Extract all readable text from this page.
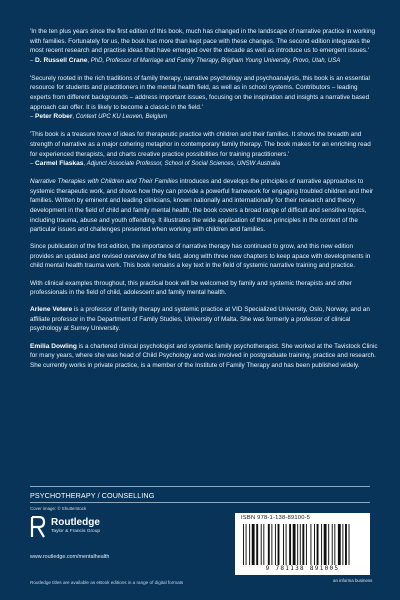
'In the ten plus years since the first edition of this book, much has changed in the landscape of narrative practice in working with families. Fortunately for us, the book has more than kept pace with these changes. The second edition integrates the most recent research and practise ideas that have emerged over the decade as well as introduce us to emergent issues.'
– D. Russell Crane, PhD, Professor of Marriage and Family Therapy, Brigham Young University, Provo, Utah, USA
'Securely rooted in the rich traditions of family therapy, narrative psychology and psychoanalysis, this book is an essential resource for students and practitioners in the mental health field, as well as in school systems. Contributors – leading experts from different backgrounds – address important issues, focusing on the inspiration and insights a narrative based approach can offer. It is likely to become a classic in the field.'
– Peter Rober, Context UPC KU Leuven, Belgium
'This book is a treasure trove of ideas for therapeutic practice with children and their families. It shows the breadth and strength of narrative as a major cohering metaphor in contemporary family therapy. The book makes for an enriching read for experienced therapists, and charts creative practice possibilities for training practitioners.'
– Carmel Flaskas, Adjunct Associate Professor, School of Social Sciences, UNSW Australia

Narrative Therapies with Children and Their Families introduces and develops the principles of narrative approaches to systemic therapeutic work, and shows how they can provide a powerful framework for engaging troubled children and their families. Written by eminent and leading clinicians, known nationally and internationally for their research and theory development in the field of child and family mental health, the book covers a broad range of difficult and sensitive topics, including trauma, abuse and youth offending. It illustrates the wide application of these principles in the context of the particular issues and challenges presented when working with children and families.

Since publication of the first edition, the importance of narrative therapy has continued to grow, and this new edition provides an updated and revised overview of the field, along with three new chapters to keep apace with developments in child mental health trauma work. This book remains a key text in the field of systemic narrative training and practice.

With clinical examples throughout, this practical book will be welcomed by family and systemic therapists and other professionals in the field of child, adolescent and family mental health.

Arlene Vetere is a professor of family therapy and systemic practice at VID Specialized University, Oslo, Norway, and an affiliate professor in the Department of Family Studies, University of Malta. She was formerly a professor of clinical psychology at Surrey University.

Emilia Dowling is a chartered clinical psychologist and systemic family psychotherapist. She worked at the Tavistock Clinic for many years, where she was head of Child Psychology and was involved in postgraduate training, practice and research. She currently works in private practice, is a member of the Institute of Family Therapy and has been published widely.

PSYCHOTHERAPY / COUNSELLING
Cover image: © Shutterstock
Routledge
Taylor & Francis Group
www.routledge.com/mentalhealth
Routledge titles are available as eBook editions in a range of digital formats
ISBN 978-1-138-89100-5
9 781138 891005
an informa business
